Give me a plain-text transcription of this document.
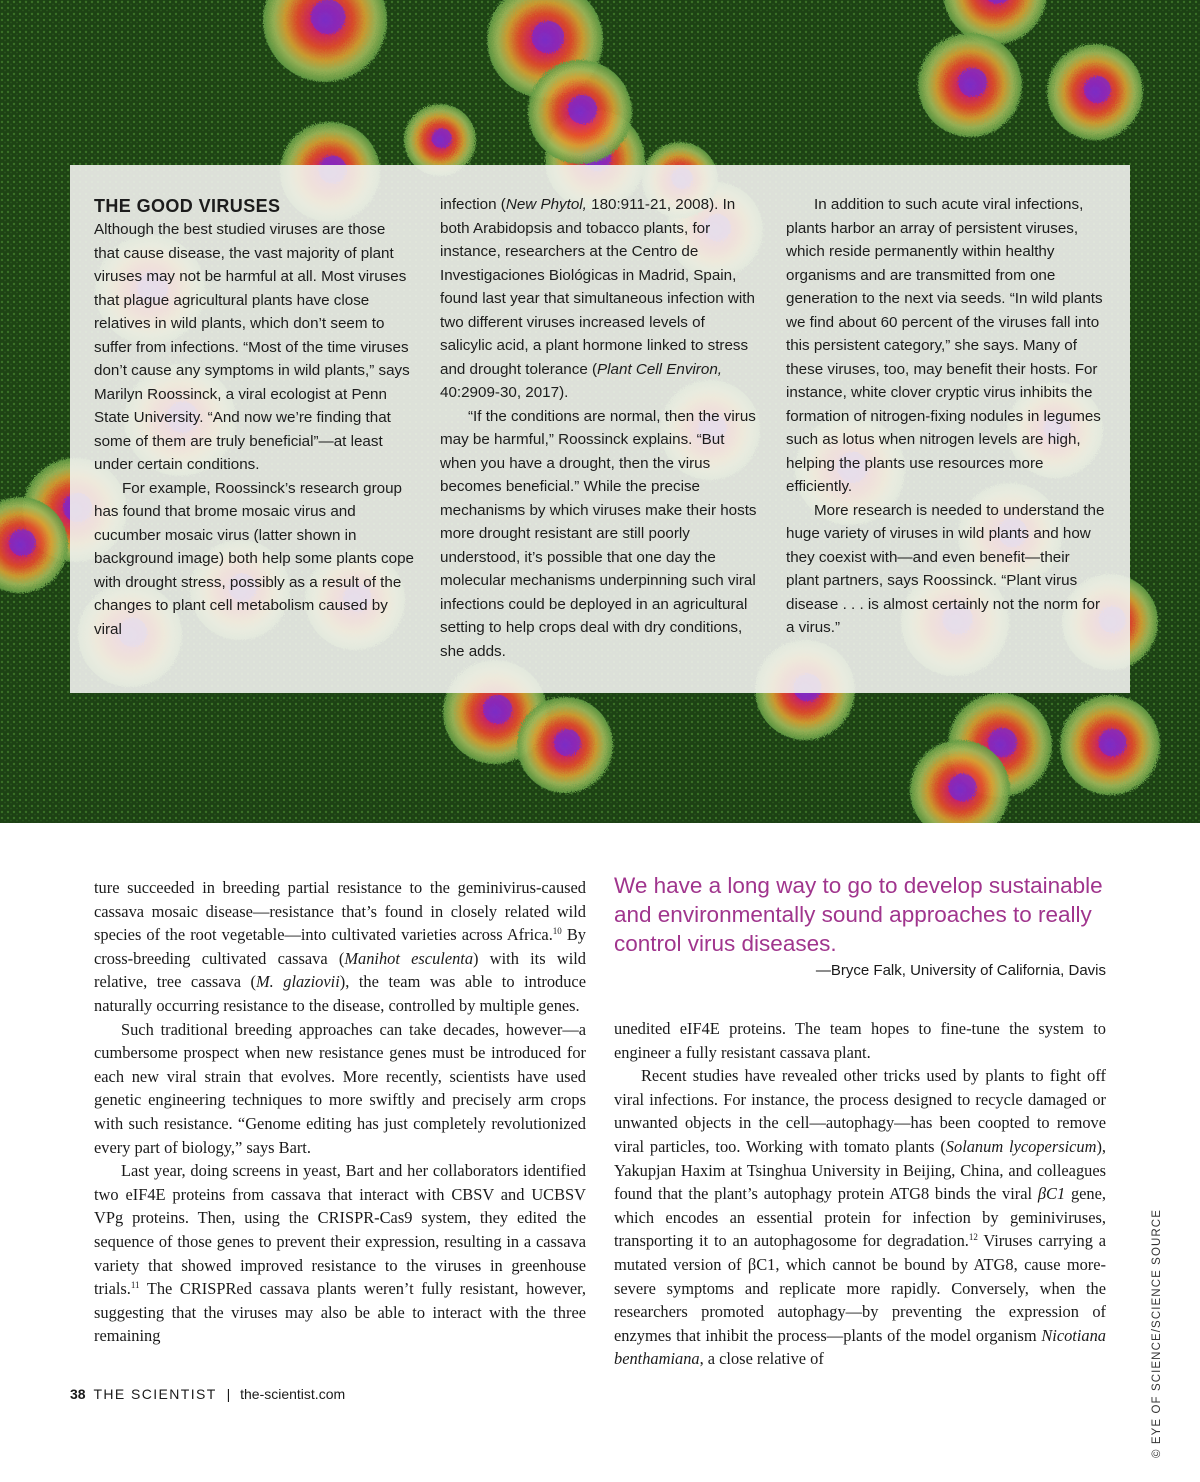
THE GOOD VIRUSES

Although the best studied viruses are those that cause disease, the vast majority of plant viruses may not be harmful at all. Most viruses that plague agricultural plants have close relatives in wild plants, which don’t seem to suffer from infections. “Most of the time viruses don’t cause any symptoms in wild plants,” says Marilyn Roossinck, a viral ecologist at Penn State University. “And now we’re finding that some of them are truly beneficial”—at least under certain conditions.

For example, Roossinck’s research group has found that brome mosaic virus and cucumber mosaic virus (latter shown in background image) both help some plants cope with drought stress, possibly as a result of the changes to plant cell metabolism caused by viral

infection (New Phytol, 180:911-21, 2008). In both Arabidopsis and tobacco plants, for instance, researchers at the Centro de Investigaciones Biológicas in Madrid, Spain, found last year that simultaneous infection with two different viruses increased levels of salicylic acid, a plant hormone linked to stress and drought tolerance (Plant Cell Environ, 40:2909-30, 2017).

“If the conditions are normal, then the virus may be harmful,” Roossinck explains. “But when you have a drought, then the virus becomes beneficial.” While the precise mechanisms by which viruses make their hosts more drought resistant are still poorly understood, it’s possible that one day the molecular mechanisms underpinning such viral infections could be deployed in an agricultural setting to help crops deal with dry conditions, she adds.

In addition to such acute viral infections, plants harbor an array of persistent viruses, which reside permanently within healthy organisms and are transmitted from one generation to the next via seeds. “In wild plants we find about 60 percent of the viruses fall into this persistent category,” she says. Many of these viruses, too, may benefit their hosts. For instance, white clover cryptic virus inhibits the formation of nitrogen-fixing nodules in legumes such as lotus when nitrogen levels are high, helping the plants use resources more efficiently.

More research is needed to understand the huge variety of viruses in wild plants and how they coexist with—and even benefit—their plant partners, says Roossinck. “Plant virus disease . . . is almost certainly not the norm for a virus.”

ture succeeded in breeding partial resistance to the geminivirus-caused cassava mosaic disease—resistance that’s found in closely related wild species of the root vegetable—into cultivated varieties across Africa.$^{10}$ By cross-breeding cultivated cassava (Manihot esculenta) with its wild relative, tree cassava (M. glaziovii), the team was able to introduce naturally occurring resistance to the disease, controlled by multiple genes.

Such traditional breeding approaches can take decades, however—a cumbersome prospect when new resistance genes must be introduced for each new viral strain that evolves. More recently, scientists have used genetic engineering techniques to more swiftly and precisely arm crops with such resistance. “Genome editing has just completely revolutionized every part of biology,” says Bart.

Last year, doing screens in yeast, Bart and her collaborators identified two eIF4E proteins from cassava that interact with CBSV and UCBSV VPg proteins. Then, using the CRISPR-Cas9 system, they edited the sequence of those genes to prevent their expression, resulting in a cassava variety that showed improved resistance to the viruses in greenhouse trials.$^{11}$ The CRISPRed cassava plants weren’t fully resistant, however, suggesting that the viruses may also be able to interact with the three remaining

We have a long way to go to develop sustainable and environmentally sound approaches to really control virus diseases.
—Bryce Falk, University of California, Davis

unedited eIF4E proteins. The team hopes to fine-tune the system to engineer a fully resistant cassava plant.

Recent studies have revealed other tricks used by plants to fight off viral infections. For instance, the process designed to recycle damaged or unwanted objects in the cell—autophagy—has been coopted to remove viral particles, too. Working with tomato plants (Solanum lycopersicum), Yakupjan Haxim at Tsinghua University in Beijing, China, and colleagues found that the plant’s autophagy protein ATG8 binds the viral βC1 gene, which encodes an essential protein for infection by geminiviruses, transporting it to an autophagosome for degradation.$^{12}$ Viruses carrying a mutated version of βC1, which cannot be bound by ATG8, cause more-severe symptoms and replicate more rapidly. Conversely, when the researchers promoted autophagy—by preventing the expression of enzymes that inhibit the process—plants of the model organism Nicotiana benthamiana, a close relative of	© EYE OF SCIENCE/SCIENCE SOURCE
38 THE SCIENTIST | the-scientist.com
